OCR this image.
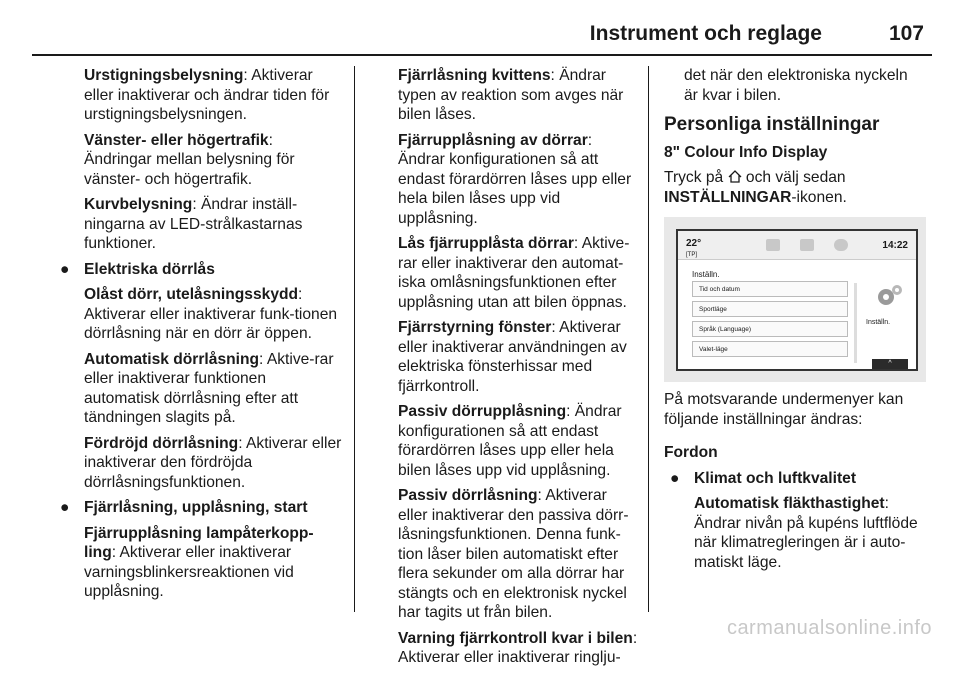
Instrument och reglage	107

Urstigningsbelysning: Aktiverar eller inaktiverar och ändrar tiden för urstigningsbelysningen.

Vänster- eller högertrafik: Ändringar mellan belysning för vänster- och högertrafik.

Kurvbelysning: Ändrar inställ-ningarna av LED-strålkastarnas funktioner.

● Elektriska dörrlås

Olåst dörr, utelåsningsskydd: Aktiverar eller inaktiverar funk-tionen dörrlåsning när en dörr är öppen.

Automatisk dörrlåsning: Aktive-rar eller inaktiverar funktionen automatisk dörrlåsning efter att tändningen slagits på.

Fördröjd dörrlåsning: Aktiverar eller inaktiverar den fördröjda dörrlåsningsfunktionen.

● Fjärrlåsning, upplåsning, start

Fjärrupplåsning lampåterkopp-ling: Aktiverar eller inaktiverar varningsblinkersreaktionen vid upplåsning.

Fjärrlåsning kvittens: Ändrar typen av reaktion som avges när bilen låses.

Fjärrupplåsning av dörrar: Ändrar konfigurationen så att endast förardörren låses upp eller hela bilen låses upp vid upplåsning.

Lås fjärrupplåsta dörrar: Aktive-rar eller inaktiverar den automat-iska omlåsningsfunktionen efter upplåsning utan att bilen öppnas.

Fjärrstyrning fönster: Aktiverar eller inaktiverar användningen av elektriska fönsterhissar med fjärrkontroll.

Passiv dörrupplåsning: Ändrar konfigurationen så att endast förardörren låses upp eller hela bilen låses upp vid upplåsning.

Passiv dörrlåsning: Aktiverar eller inaktiverar den passiva dörr-låsningsfunktionen. Denna funk-tion låser bilen automatiskt efter flera sekunder om alla dörrar har stängts och en elektronisk nyckel har tagits ut från bilen.

Varning fjärrkontroll kvar i bilen: Aktiverar eller inaktiverar ringlju-

det när den elektroniska nyckeln är kvar i bilen.

Personliga inställningar

8" Colour Info Display

Tryck på och välj sedan
INSTÄLLNINGAR-ikonen.

22°
[TP]
14:22
Inställn.
Tid och datum
Sportläge
Språk (Language)
Valet-läge
Inställn.
^

På motsvarande undermenyer kan följande inställningar ändras:

Fordon

● Klimat och luftkvalitet

Automatisk fläkthastighet: Ändrar nivån på kupéns luftflöde när klimatregleringen är i auto-matiskt läge.

carmanualsonline.info
